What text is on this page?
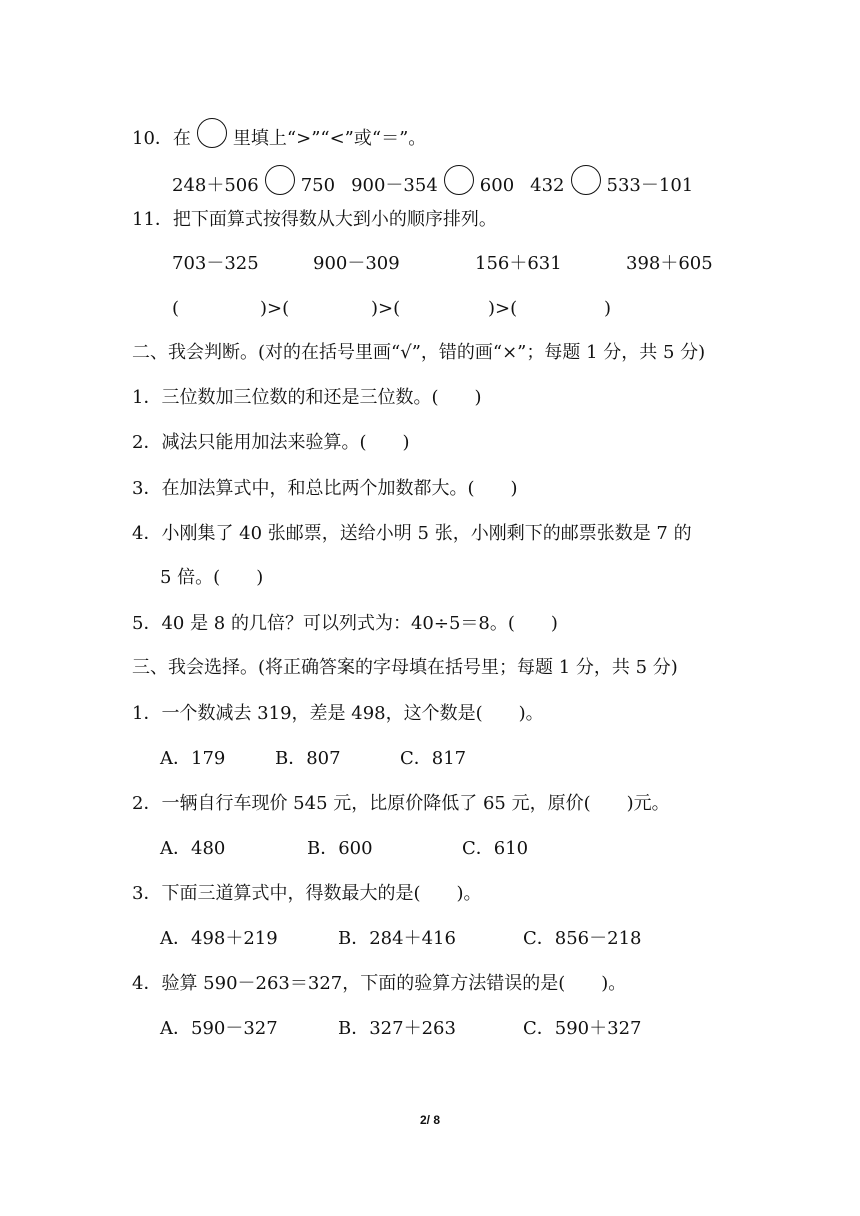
10．在 里填上“>”“<”或“＝”。
248＋506 750 900－354 600 432 533－101
11．把下面算式按得数从大到小的顺序排列。
703－325	900－309	156＋631	398＋605
(	)>(	)>(	)>(	)
二、我会判断。(对的在括号里画“√”，错的画“×”；每题 1 分，共 5 分)
1．三位数加三位数的和还是三位数。(　　)
2．减法只能用加法来验算。(　　)
3．在加法算式中，和总比两个加数都大。(　　)
4．小刚集了 40 张邮票，送给小明 5 张，小刚剩下的邮票张数是 7 的
5 倍。(　　)
5．40 是 8 的几倍？可以列式为：40÷5＝8。(　　)
三、我会选择。(将正确答案的字母填在括号里；每题 1 分，共 5 分)
1．一个数减去 319，差是 498，这个数是(　　)。
A．179	B．807	C．817
2．一辆自行车现价 545 元，比原价降低了 65 元，原价(　　)元。
A．480	B．600	C．610
3．下面三道算式中，得数最大的是(　　)。
A．498＋219	B．284＋416	C．856－218
4．验算 590－263＝327，下面的验算方法错误的是(　　)。
A．590－327	B．327＋263	C．590＋327
2/ 8
